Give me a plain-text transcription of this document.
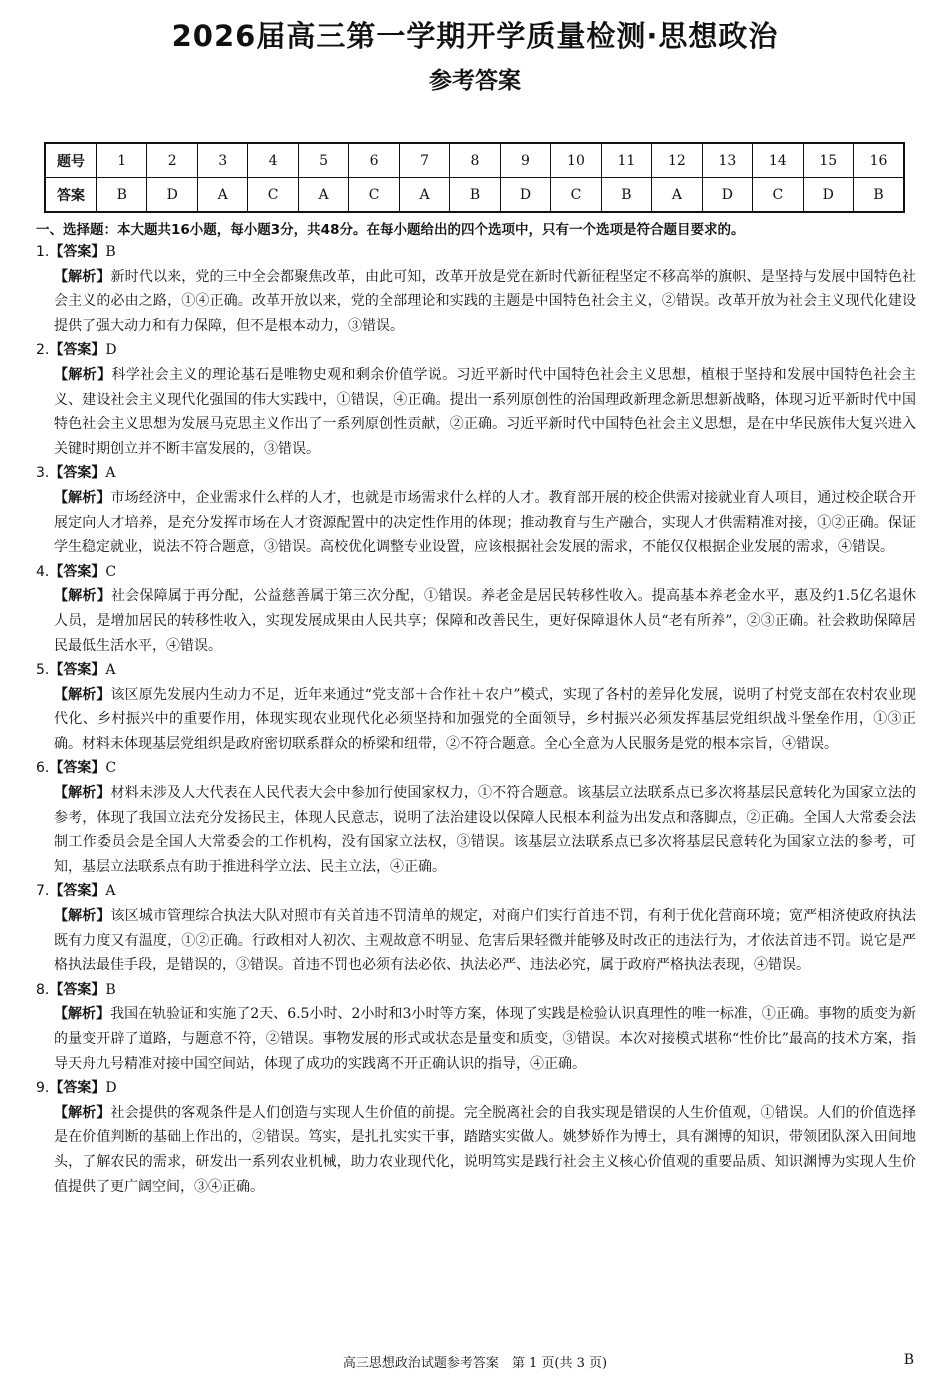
2026届高三第一学期开学质量检测·思想政治
参考答案
题号	1	2	3	4	5	6	7	8	9	10	11	12	13	14	15	16
答案	B	D	A	C	A	C	A	B	D	C	B	A	D	C	D	B
一、选择题：本大题共16小题，每小题3分，共48分。在每小题给出的四个选项中，只有一个选项是符合题目要求的。
1.【答案】B
【解析】新时代以来，党的三中全会都聚焦改革，由此可知，改革开放是党在新时代新征程坚定不移高举的旗帜、是坚持与发展中国特色社会主义的必由之路，①④正确。改革开放以来，党的全部理论和实践的主题是中国特色社会主义，②错误。改革开放为社会主义现代化建设提供了强大动力和有力保障，但不是根本动力，③错误。
2.【答案】D
【解析】科学社会主义的理论基石是唯物史观和剩余价值学说。习近平新时代中国特色社会主义思想，植根于坚持和发展中国特色社会主义、建设社会主义现代化强国的伟大实践中，①错误，④正确。提出一系列原创性的治国理政新理念新思想新战略，体现习近平新时代中国特色社会主义思想为发展马克思主义作出了一系列原创性贡献，②正确。习近平新时代中国特色社会主义思想，是在中华民族伟大复兴进入关键时期创立并不断丰富发展的，③错误。
3.【答案】A
【解析】市场经济中，企业需求什么样的人才，也就是市场需求什么样的人才。教育部开展的校企供需对接就业育人项目，通过校企联合开展定向人才培养，是充分发挥市场在人才资源配置中的决定性作用的体现；推动教育与生产融合，实现人才供需精准对接，①②正确。保证学生稳定就业，说法不符合题意，③错误。高校优化调整专业设置，应该根据社会发展的需求，不能仅仅根据企业发展的需求，④错误。
4.【答案】C
【解析】社会保障属于再分配，公益慈善属于第三次分配，①错误。养老金是居民转移性收入。提高基本养老金水平，惠及约1.5亿名退休人员，是增加居民的转移性收入，实现发展成果由人民共享；保障和改善民生，更好保障退休人员“老有所养”，②③正确。社会救助保障居民最低生活水平，④错误。
5.【答案】A
【解析】该区原先发展内生动力不足，近年来通过“党支部＋合作社＋农户”模式，实现了各村的差异化发展，说明了村党支部在农村农业现代化、乡村振兴中的重要作用，体现实现农业现代化必须坚持和加强党的全面领导，乡村振兴必须发挥基层党组织战斗堡垒作用，①③正确。材料未体现基层党组织是政府密切联系群众的桥梁和纽带，②不符合题意。全心全意为人民服务是党的根本宗旨，④错误。
6.【答案】C
【解析】材料未涉及人大代表在人民代表大会中参加行使国家权力，①不符合题意。该基层立法联系点已多次将基层民意转化为国家立法的参考，体现了我国立法充分发扬民主，体现人民意志，说明了法治建设以保障人民根本利益为出发点和落脚点，②正确。全国人大常委会法制工作委员会是全国人大常委会的工作机构，没有国家立法权，③错误。该基层立法联系点已多次将基层民意转化为国家立法的参考，可知，基层立法联系点有助于推进科学立法、民主立法，④正确。
7.【答案】A
【解析】该区城市管理综合执法大队对照市有关首违不罚清单的规定，对商户们实行首违不罚，有利于优化营商环境；宽严相济使政府执法既有力度又有温度，①②正确。行政相对人初次、主观故意不明显、危害后果轻微并能够及时改正的违法行为，才依法首违不罚。说它是严格执法最佳手段，是错误的，③错误。首违不罚也必须有法必依、执法必严、违法必究，属于政府严格执法表现，④错误。
8.【答案】B
【解析】我国在轨验证和实施了2天、6.5小时、2小时和3小时等方案，体现了实践是检验认识真理性的唯一标准，①正确。事物的质变为新的量变开辟了道路，与题意不符，②错误。事物发展的形式或状态是量变和质变，③错误。本次对接模式堪称“性价比”最高的技术方案，指导天舟九号精准对接中国空间站，体现了成功的实践离不开正确认识的指导，④正确。
9.【答案】D
【解析】社会提供的客观条件是人们创造与实现人生价值的前提。完全脱离社会的自我实现是错误的人生价值观，①错误。人们的价值选择是在价值判断的基础上作出的，②错误。笃实，是扎扎实实干事，踏踏实实做人。姚梦娇作为博士，具有渊博的知识，带领团队深入田间地头，了解农民的需求，研发出一系列农业机械，助力农业现代化，说明笃实是践行社会主义核心价值观的重要品质、知识渊博为实现人生价值提供了更广阔空间，③④正确。
高三思想政治试题参考答案　第 1 页(共 3 页)	B
